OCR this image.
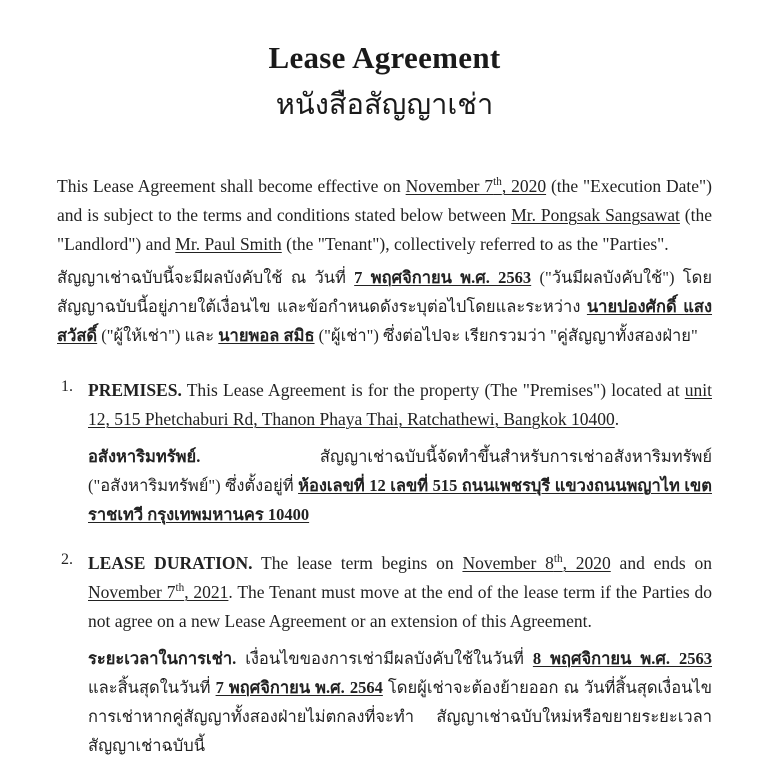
Lease Agreement
หนังสือสัญญาเช่า

This Lease Agreement shall become effective on November 7th, 2020 (the "Execution Date") and is subject to the terms and conditions stated below between Mr. Pongsak Sangsawat (the "Landlord") and Mr. Paul Smith (the "Tenant"), collectively referred to as the "Parties".

สัญญาเช่าฉบับนี้จะมีผลบังคับใช้ ณ วันที่ 7 พฤศจิกายน พ.ศ. 2563 ("วันมีผลบังคับใช้") โดยสัญญาฉบับนี้อยู่ภายใต้เงื่อนไข และข้อกำหนดดังระบุต่อไปโดยและระหว่าง นายปองศักดิ์ แสงสวัสดิ์ ("ผู้ให้เช่า") และ นายพอล สมิธ ("ผู้เช่า") ซึ่งต่อไปจะ เรียกรวมว่า "คู่สัญญาทั้งสองฝ่าย"

1. PREMISES. This Lease Agreement is for the property (The "Premises") located at unit 12, 515 Phetchaburi Rd, Thanon Phaya Thai, Ratchathewi, Bangkok 10400.

อสังหาริมทรัพย์. สัญญาเช่าฉบับนี้จัดทำขึ้นสำหรับการเช่าอสังหาริมทรัพย์ ("อสังหาริมทรัพย์") ซึ่งตั้งอยู่ที่ ห้องเลขที่ 12 เลขที่ 515 ถนนเพชรบุรี แขวงถนนพญาไท เขตราชเทวี กรุงเทพมหานคร 10400

2. LEASE DURATION. The lease term begins on November 8th, 2020 and ends on November 7th, 2021. The Tenant must move at the end of the lease term if the Parties do not agree on a new Lease Agreement or an extension of this Agreement.

ระยะเวลาในการเช่า. เงื่อนไขของการเช่ามีผลบังคับใช้ในวันที่ 8 พฤศจิกายน พ.ศ. 2563 และสิ้นสุดในวันที่ 7 พฤศจิกายน พ.ศ. 2564 โดยผู้เช่าจะต้องย้ายออก ณ วันที่สิ้นสุดเงื่อนไขการเช่าหากคู่สัญญาทั้งสองฝ่ายไม่ตกลงที่จะทำ สัญญาเช่าฉบับใหม่หรือขยายระยะเวลาสัญญาเช่าฉบับนี้
